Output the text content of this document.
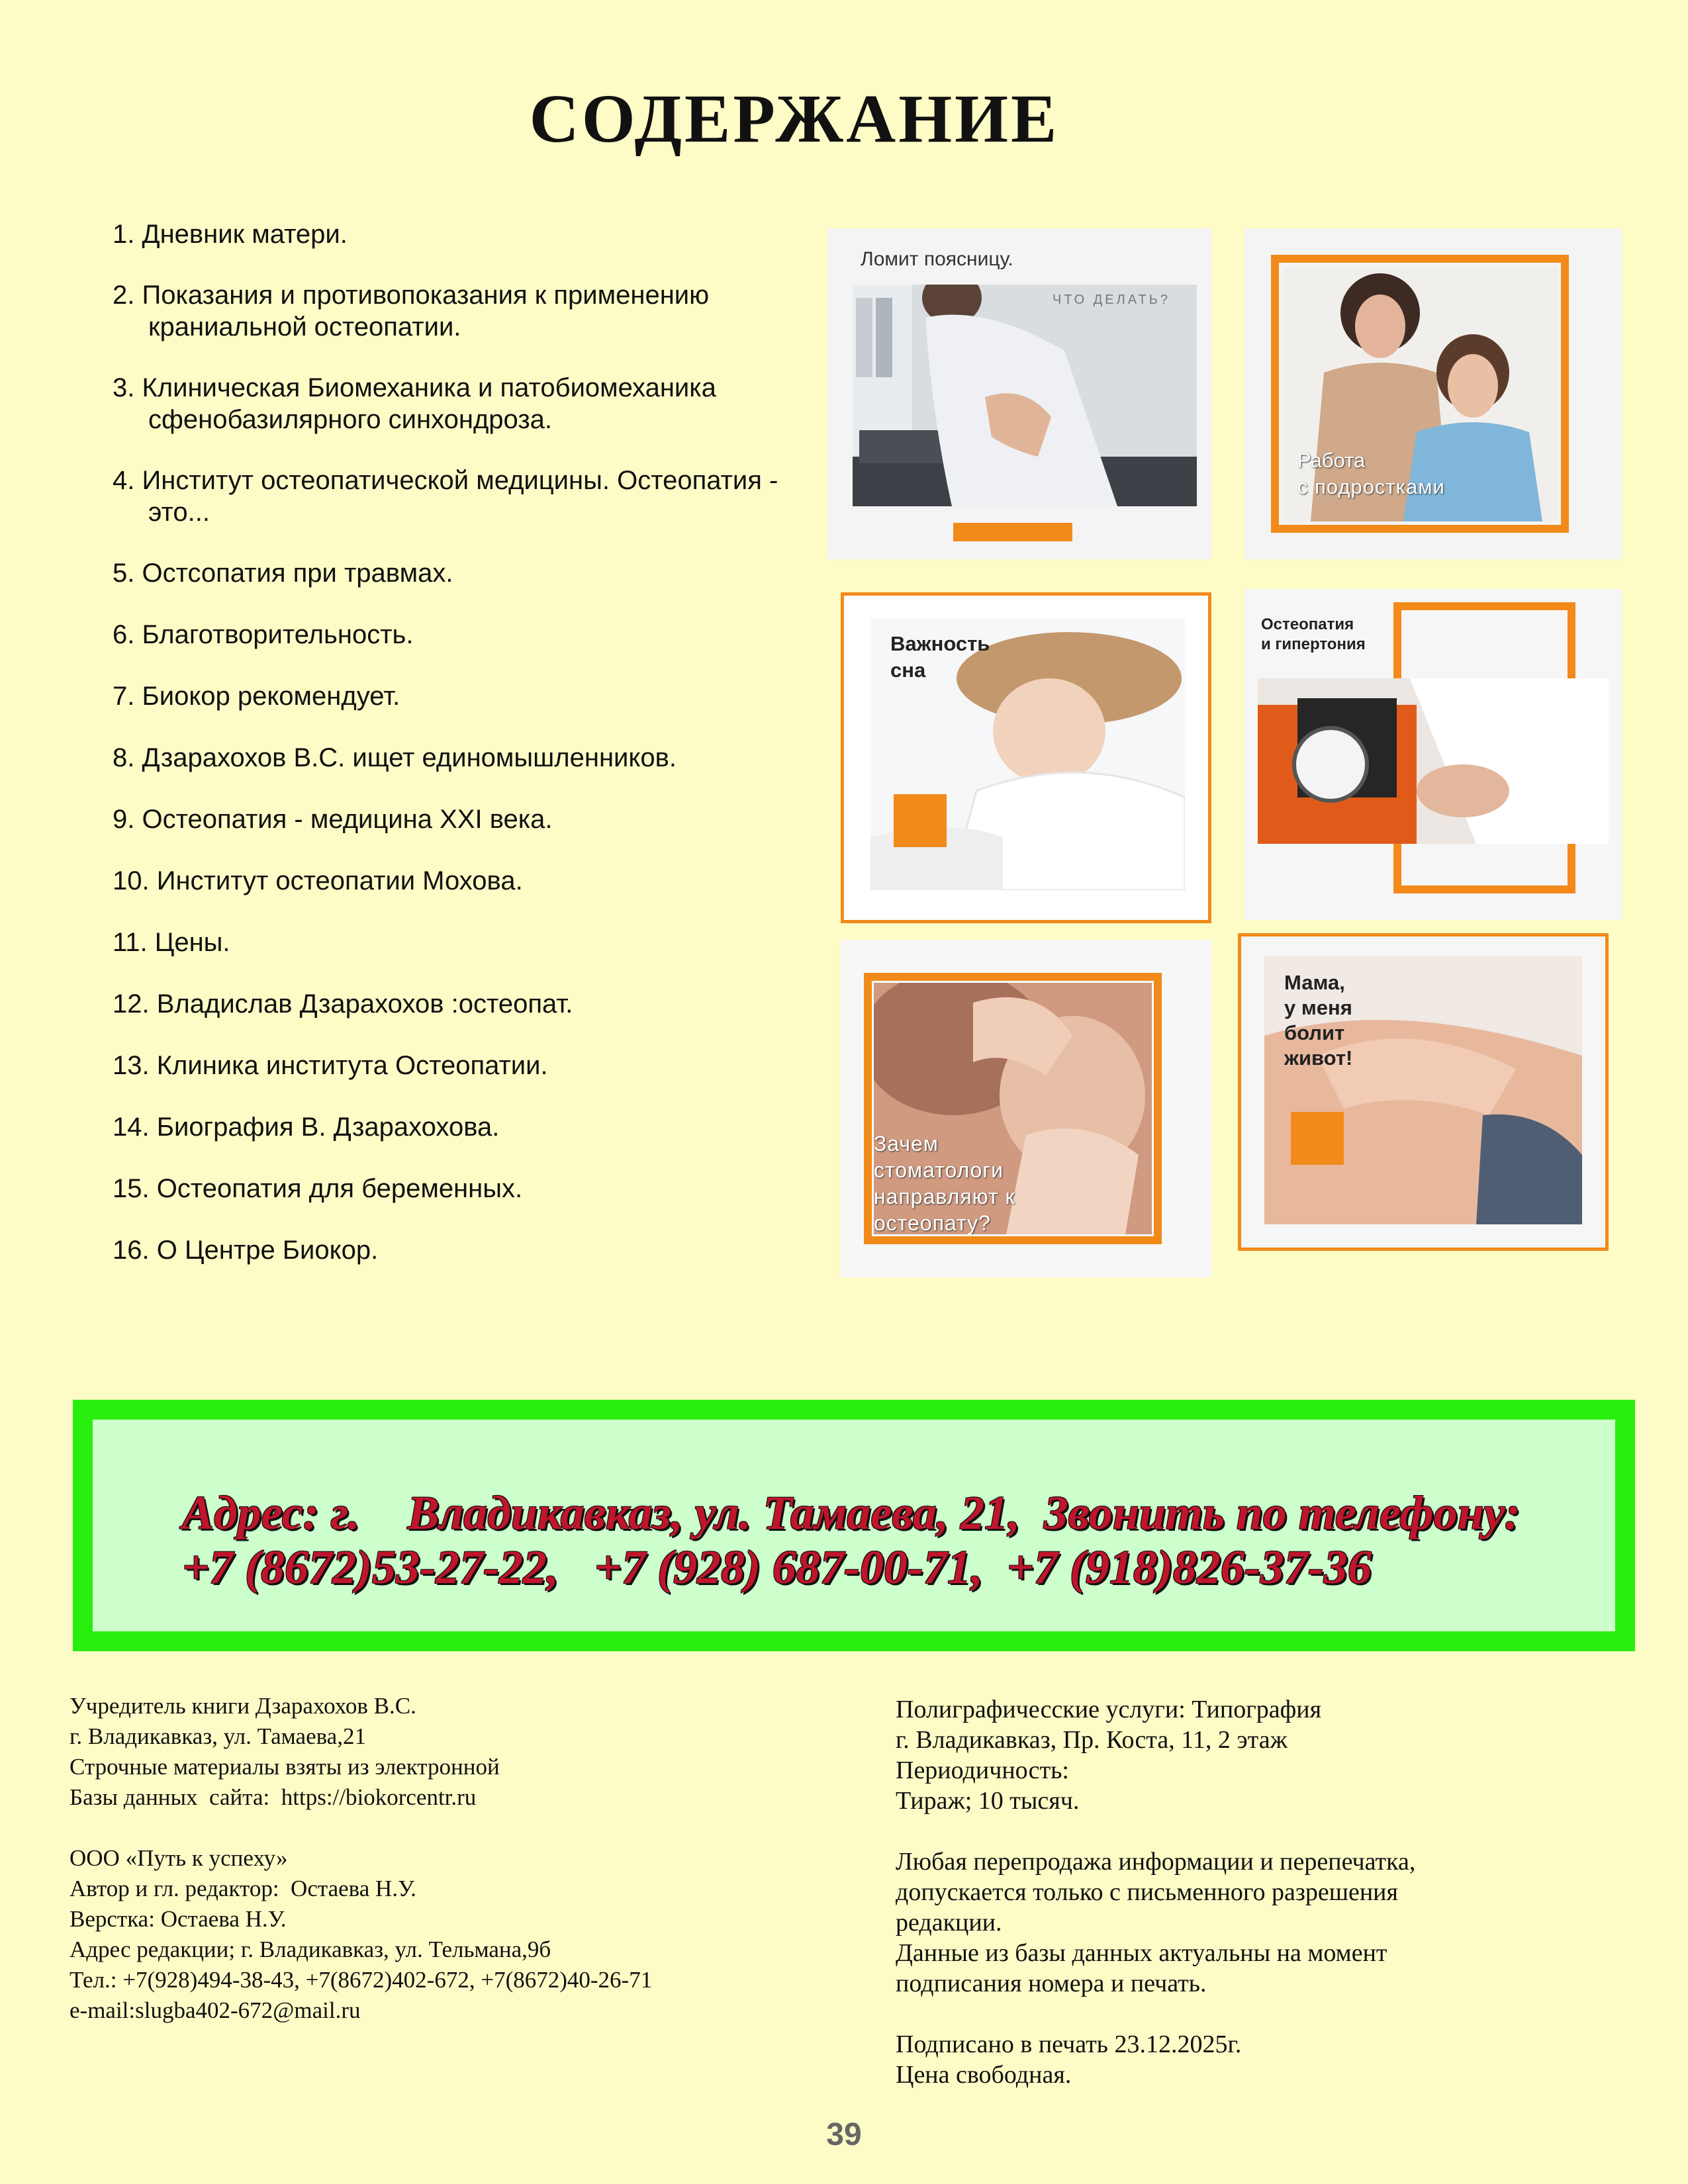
СОДЕРЖАНИЕ
1. Дневник матери.
2. Показания и противопоказания к применению краниальной остеопатии.
3. Клиническая Биомеханика и патобиомеханика сфенобазилярного синхондроза.
4. Институт остеопатической медицины. Остеопатия - это...
5. Остсопатия при травмах.
6. Благотворительность.
7. Биокор рекомендует.
8. Дзарахохов В.С. ищет единомышленников.
9. Остеопатия - медицина XXI века.
10. Институт остеопатии Мохова.
11. Цены.
12. Владислав Дзарахохов :остеопат.
13. Клиника института Остеопатии.
14. Биография В. Дзарахохова.
15. Остеопатия для беременных.
16. О Центре Биокор.
Ломит поясницу.
ЧТО ДЕЛАТЬ?
Работа
с подростками
Важность
сна
Остеопатия
и гипертония
Зачем
стоматологи
направляют к
остеопату?
Мама,
у меня
болит
живот!

Адрес: г.    Владикавказ, ул. Тамаева, 21,  Звонить по телефону:
+7 (8672)53-27-22,   +7 (928) 687-00-71,  +7 (918)826-37-36

Учредитель книги Дзарахохов В.С.

г. Владикавказ, ул. Тамаева,21

Строчные материалы взяты из электронной

Базы данных  сайта:  https://biokorcentr.ru

ООО «Путь к успеху»

Автор и гл. редактор:  Остаева Н.У.

Верстка: Остаева Н.У.

Адрес редакции; г. Владикавказ, ул. Тельмана,9б

Тел.: +7(928)494-38-43, +7(8672)402-672, +7(8672)40-26-71

e-mail:slugba402-672@mail.ru

Полиграфичесские услуги: Типография

г. Владикавказ, Пр. Коста, 11, 2 этаж

Периодичность:

Тираж; 10 тысяч.

Любая перепродажа информации и перепечатка,

допускается только с письменного разрешения

редакции.

Данные из базы данных актуальны на момент

подписания номера и печать.

Подписано в печать 23.12.2025г.

Цена свободная.

39
